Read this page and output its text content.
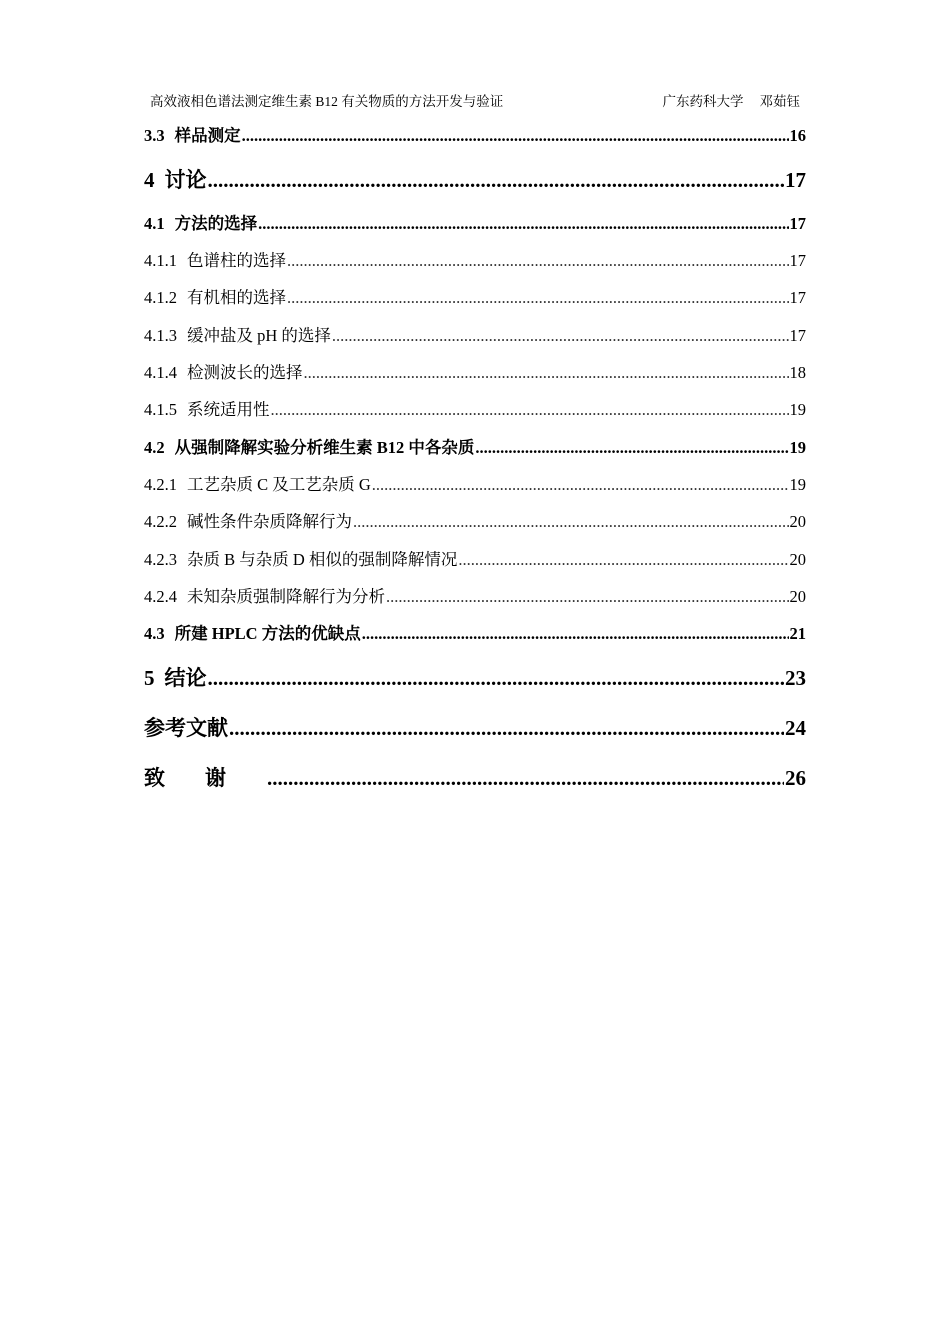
高效液相色谱法测定维生素 B12 有关物质的方法开发与验证	广东药科大学 邓茹钰
3.3 样品测定 .....	16
4 讨论 .....	17
4.1 方法的选择 .....	17
4.1.1 色谱柱的选择 .....	17
4.1.2 有机相的选择 .....	17
4.1.3 缓冲盐及 pH 的选择 .....	17
4.1.4 检测波长的选择 .....	18
4.1.5 系统适用性 .....	19
4.2 从强制降解实验分析维生素 B12 中各杂质 .....	19
4.2.1 工艺杂质 C 及工艺杂质 G .....	19
4.2.2 碱性条件杂质降解行为 .....	20
4.2.3 杂质 B 与杂质 D 相似的强制降解情况 .....	20
4.2.4 未知杂质强制降解行为分析 .....	20
4.3 所建 HPLC 方法的优缺点 .....	21
5 结论 .....	23
参考文献 .....	24
致谢 .....	26
